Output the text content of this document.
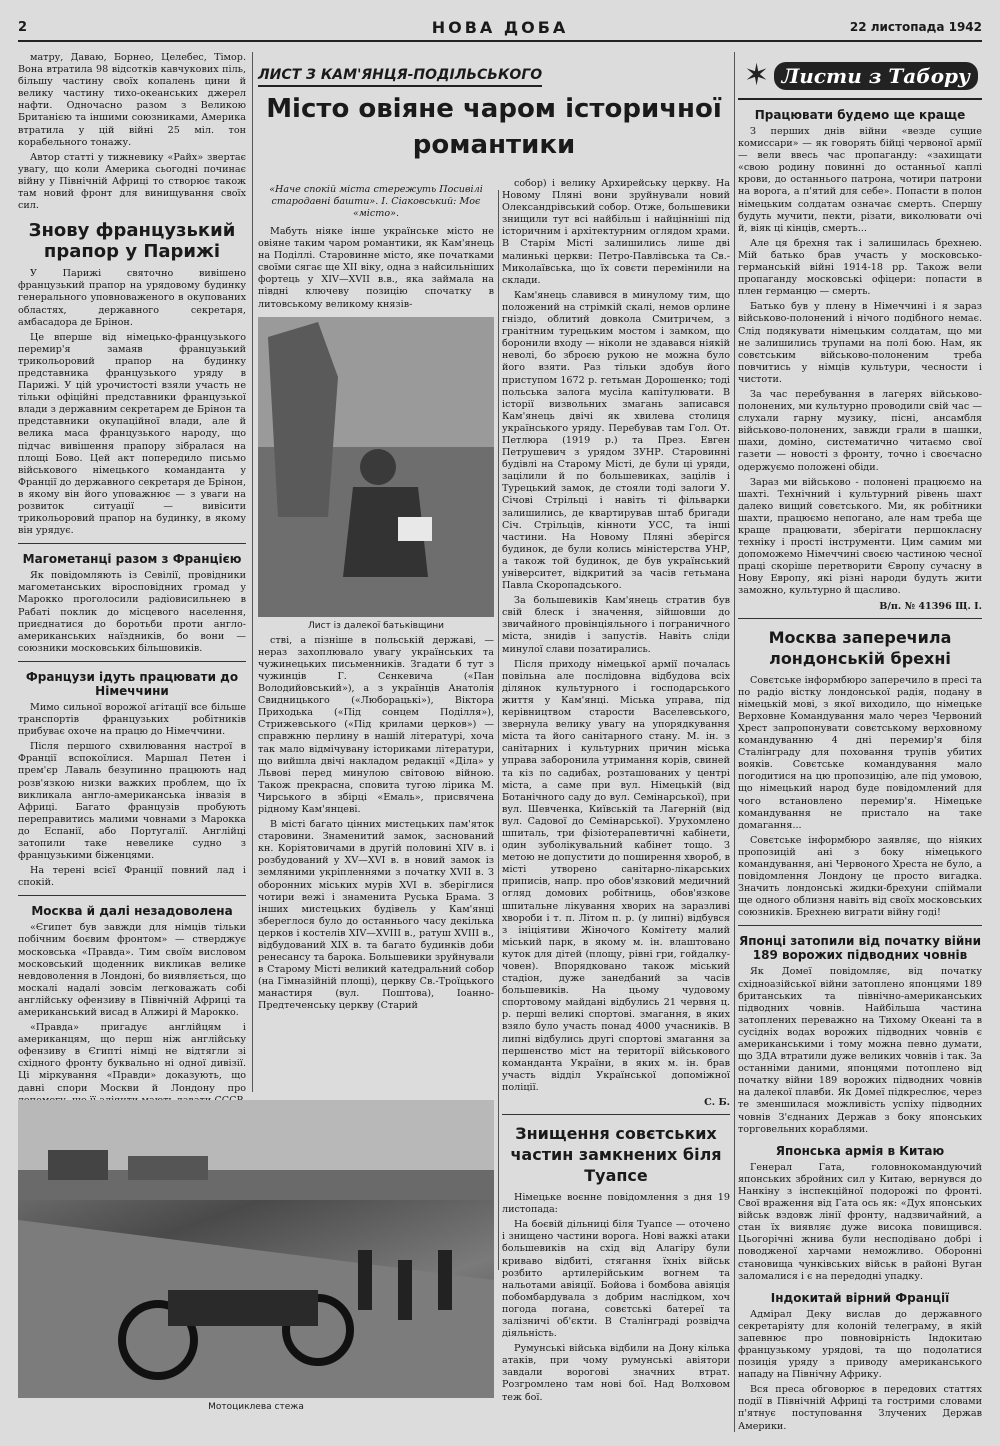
2	НОВА ДОБА	22 листопада 1942

матру, Даваю, Борнео, Целебес, Тімор. Вона втратила 98 відсотків кавчукових піль, більшу частину своїх копалень цини й велику частину тихо-океанських джерел нафти. Одночасно разом з Великою Британією та іншими союзниками, Америка втратила у цій війні 25 міл. тон корабельного тонажу.

Автор статті у тижневику «Райх» звертає увагу, що коли Америка сьогодні починає війну у Північній Африці то створює також там новий фронт для винищування своїх сил.

Знову французький прапор у Парижі

У Парижі святочно вивішено французький прапор на урядовому будинку генерального уповноваженого в окупованих областях, державного секретаря, амбасадора де Брінон.

Це вперше від німецько-французького перемир'я замаяв французький трикольоровий прапор на будинку представника французького уряду в Парижі. У цій урочистості взяли участь не тільки офіційні представники французької влади з державним секретарем де Брінон та представники окупаційної влади, але й велика маса французького народу, що підчас вивішення прапору зібралася на площі Бово. Цей акт попередило письмо військового німецького команданта у Франції до державного секретаря де Брінон, в якому він його уповажнює — з уваги на розвиток ситуації — вивісити трикольоровий прапор на будинку, в якому він урядує.

Магометанці разом з Францією

Як повідомляють із Севілії, провідники магометанських віросповідних громад у Марокко проголосили радіовисильнею в Рабаті поклик до місцевого населення, приєднатися до боротьби проти англо-американських наїздників, бо вони — союзники московських більшовиків.

Французи ідуть працювати до Німеччини

Мимо сильної ворожої агітації все більше транспортів французьких робітників прибуває охоче на працю до Німеччини.

Після першого схвилювання настрої в Франції вспокоїлися. Маршал Петен і прем'єр Лаваль безупинно працюють над розв'язкою низки важких проблем, що їх викликала англо-американська інвазія в Африці. Багато французів пробують переправитись малими човнами з Марокка до Еспанії, або Португалії. Англійці затопили таке невелике судно з французькими біженцями.

На терені всієї Франції повний лад і спокій.

Москва й далі незадоволена

«Єгипет був завжди для німців тільки побічним боєвим фронтом» — стверджує московська «Правда». Тим своїм висловом московський щоденник викликав велике невдоволення в Лондоні, бо виявляється, що москалі надалі зовсім легковажать собі англійську офензиву в Північній Африці та американський висад в Алжирі й Марокко.

«Правда» пригадує англійцям і американцям, що перш ніж англійську офензиву в Єгипті німці не відтягли зі східного фронту буквально ні одної дивізії. Ці міркування «Правди» доказують, що давні спори Москви й Лондону про

Мотоциклева стежа
ЛИСТ З КАМ'ЯНЦЯ-ПОДІЛЬСЬКОГО
Місто овіяне чаром історичної романтики
«Наче спокій міста стережуть Посивілі стародавні башти». І. Сіаковський: Моє «місто».

Мабуть ніяке інше українське місто не овіяне таким чаром романтики, як Кам'янець на Поділлі. Старовинне місто, яке початками своїми сягає ще XII віку, одна з найсильніших фортець у XIV—XVII в.в., яка займала на півдні ключеву позицію спочатку в литовському великому князів-

Лист із далекої батьківщини

стві, а пізніше в польській державі, — нераз захоплювало увагу українських та чужинецьких письменників. Згадати б тут з чужинців Г. Сєнкевича («Пан Володийовський»), а з українців Анатолія Свидницького («Люборацькі»), Віктора Приходька («Під сонцем Поділля»), Стрижевського («Під крилами церков») — справжню перлину в нашій літературі, хоча так мало відмічувану істориками літератури, що вийшла двічі накладом редакції «Діла» у Львові перед минулою світовою війною. Також прекрасна, сповита тугою лірика М. Чирського в збірці «Емаль», присвячена рідному Кам'янцеві.

В місті багато цінних мистецьких пам'яток старовини. Знаменитий замок, заснований кн. Коріятовичами в другій половині XIV в. і розбудований у XV—XVI в. в новий замок із земляними укріпленнями з початку XVII в. З оборонних міських мурів XVI в. зберіглися чотири вежі і знаменита Руська Брама. З інших мистецьких будівель у Кам'янці збереглося було до останнього часу декілька церков і костелів XIV—XVIII в., ратуш XVIII в., відбудований XIX в. та багато будинків доби ренесансу та барока. Большевики зруйнували в Старому Місті великий катедральний собор (на Гімназійній площі), церкву Св.-Троїцького манастиря (вул. Поштова), Іоанно-Предтеченську церкву (Старий

собор) і велику Архирейську церкву. На Новому Пляні вони зруйнували новий Олександрівський собор. Отже, большевики знищили тут всі найбільш і найцінніші під історичним і архітектурним оглядом храми. В Старім Місті залишились лише дві малинькі церкви: Петро-Павлівська та Св.-Миколаївська, що їх совєти перемінили на склади.

Кам'янець славився в минулому тим, що положений на стрімкій скалі, немов орлине гніздо, облитий довкола Смитричем, з гранітним турецьким мостом і замком, що боронили входу — ніколи не здавався ніякій неволі, бо зброєю рукою не можна було його взяти. Раз тільки здобув його приступом 1672 р. гетьман Дорошенко; тоді польська залога мусіла капітулювати. В історії визвольних змагань записався Кам'янець двічі як хвилева столиця українського уряду. Перебував там Гол. От. Петлюра (1919 р.) та През. Евген Петрушевич з урядом ЗУНР. Старовинні будівлі на Старому Місті, де були ці уряди, зацілили й по большевиках, зацілів і Турецький замок, де стояли тоді залоги У. Січові Стрільці і навіть ті фільварки залишились, де квартирував штаб бригади Січ. Стрільців, кінноти УСС, та інші частини. На Новому Пляні зберігся будинок, де були колись міністерства УНР, а також той будинок, де був український університет, відкритий за часів гетьмана Павла Скоропадського.

За большевиків Кам'янець стратив був свій блеск і значення, зійшовши до звичайного провінціяльного і пограничного міста, знидів і запустів. Навіть сліди минулої слави позатирались.

Після приходу німецької армії почалась повільна але послідовна відбудова всіх ділянок культурного і господарського життя у Кам'янці. Міська управа, під керівництвом старости Васелевського, звернула велику увагу на упорядкування міста та його санітарного стану. М. ін. з санітарних і культурних причин міська управа заборонила утримання корів, свиней та кіз по садибах, розташованих у центрі міста, а саме при вул. Німецькій (від Ботанічного саду до вул. Семінарської), при вул. Шевченка, Київській та Лагерній (від вул. Садової до Семінарської). Урухомлено шпиталь, три фізіотерапевтичні кабінети, один зуболікувальний кабінет тощо. З метою не допустити до поширення хвороб, в місті утворено санітарно-лікарських приписів, напр. про обов'язковий медичний огляд домових робітниць, обов'язкове шпитальне лікування хворих на заразливі хвороби і т. п. Літом п. р. (у липні) відбувся з ініціятиви Жіночого Комітету малий міський парк, в якому м. ін. влаштовано куток для дітей (площу, рівні гри, гойдалку-човен). Впорядковано також міський стадіон, дуже занедбаний за часів большевиків. На цьому чудовому спортовому майдані відбулись 21 червня ц. р. перші великі спортові. змагання, в яких взяло було участь понад 4000 учасників. В липні відбулись другі спортові змагання за першенство міст на території військового команданта України, в яких м. ін. брав участь відділ Української допоміжної поліції.

С. Б.
Знищення совєтських частин замкнених біля Туапсе

Німецьке воєнне повідомлення з дня 19 листопада:

На боєвій дільниці біля Туапсе — оточено і знищено частини ворога. Нові важкі атаки большевиків на схід від Алагіру були криваво відбиті, стягання їхніх військ розбито артилерійським вогнем та нальотами авіяції. Бойова і бомбова авіяція побомбардувала з добрим наслідком, хоч погода погана, совєтські батереї та залізничі об'єкти. В Сталінграді розвідча діяльність.

Румунські війська відбили на Дону кілька атаків, при чому румунські авіятори завдали ворогові значних втрат. Розгромлено там нові бої. Над Волховом теж бої.

✶ Листи з Табору
Працювати будемо ще краще

З перших днів війни «везде сущие комиссари» — як говорять бійці червоної армії — вели ввесь час пропаганду: «захищати «свою родину повинні до останньої каплі крови, до останнього патрона, чотири патрони на ворога, а п'ятий для себе». Попасти в полон німецьким солдатам означає смерть. Спершу будуть мучити, пекти, різати, виколювати очі й, віяк ці кінців, смерть...

Але ця брехня так і залишилась брехнею. Мій батько брав участь у московсько-германській війні 1914-18 рр. Також вели пропаганду московські офіцери: попасти в плен германцю — смерть.

Батько був у плену в Німеччині і я зараз військово-полонений і нічого подібного немає. Слід подякувати німецьким солдатам, що ми не залишились трупами на полі бою. Нам, як совєтським військово-полоненим треба повчитись у німців культури, чесности і чистоти.

За час перебування в лагерях військово-полонених, ми культурно проводили свій час — слухали гарну музику, пісні, ансамбля військово-полонених, завжди грали в шашки, шахи, доміно, систематично читаємо свої газети — новості з фронту, точно і своєчасно одержуємо положені обіди.

Зараз ми військово - полонені працюємо на шахті. Технічний і культурний рівень шахт далеко вищий совєтського. Ми, як робітники шахти, працюємо непогано, але нам треба ще краще працювати, зберігати першокласну техніку і прості інструменти. Цим самим ми допоможемо Німеччині своєю частиною чесної праці скоріше перетворити Європу сучасну в Нову Европу, які різні народи будуть жити заможно, культурно й щасливо.

В/п. № 41396 Щ. І.
Москва заперечила лондонській брехні

Совєтське інформбюро заперечило в пресі та по радіо вістку лондонської радія, подану в німецькій мові, з якої виходило, що німецьке Верховне Командування мало через Червоний Хрест запропонувати совєтському верховному командуванню 4 дні перемир'я біля Сталінграду для поховання трупів убитих вояків. Совєтське командування мало погодитися на цю пропозицію, але під умовою, що німецький народ буде повідомлений для чого встановлено перемир'я. Німецьке командування не пристало на таке домагання...

Совєтське інформбюро заявляє, що ніяких пропозицій ані з боку німецького командування, ані Червоного Хреста не було, а повідомлення Лондону це просто вигадка. Значить лондонські жидки-брехуни спіймали ще одного облизня навіть від своїх московських союзників. Брехнею виграти війну годі!

Японці затопили від початку війни 189 ворожих підводних човнів

Як Домеї повідомляє, від початку східноазійської війни затоплено японцями 189 британських та північно-американських підводних човнів. Найбільша частина затоплених переважно на Тихому Океані та в сусідніх водах ворожих підводних човнів є американськими і тому можна певно думати, що ЗДА втратили дуже великих човнів і так. За останніми даними, японцями потоплено від початку війни 189 ворожих підводних човнів на далекої плавби. Як Домеї підкреслює, через те зменшилася можливість успіху підводних човнів З'єднаних Держав з боку японських торговельних кораблями.

Японська армія в Китаю

Генерал Гата, головнокомандуючий японських збройних сил у Китаю, вернувся до Нанкіну з інспекційної подорожі по фронті. Свої враження від Гата ось як: «Дух японських військ вздовж лінії фронту, надзвичайний, а стан їх виявляє дуже висока повищився. Цьогорічні жнива були несподівано добрі і поводженої харчами неможливо. Оборонні становища чунківських військ в районі Вуган заломалися і є на передодні упадку.

Індокитай вірний Франції

Адмірал Деку вислав до державного секретаріяту для колоній телеграму, в якій запевнює про повновірність Індокитаю французькому урядові, та що подолатися позиція уряду з приводу американського нападу на Північну Африку.

Вся преса обговорює в передових статтях події в Північній Африці та гострими словами п'ятнує поступовання Злучених Держав Америки.
